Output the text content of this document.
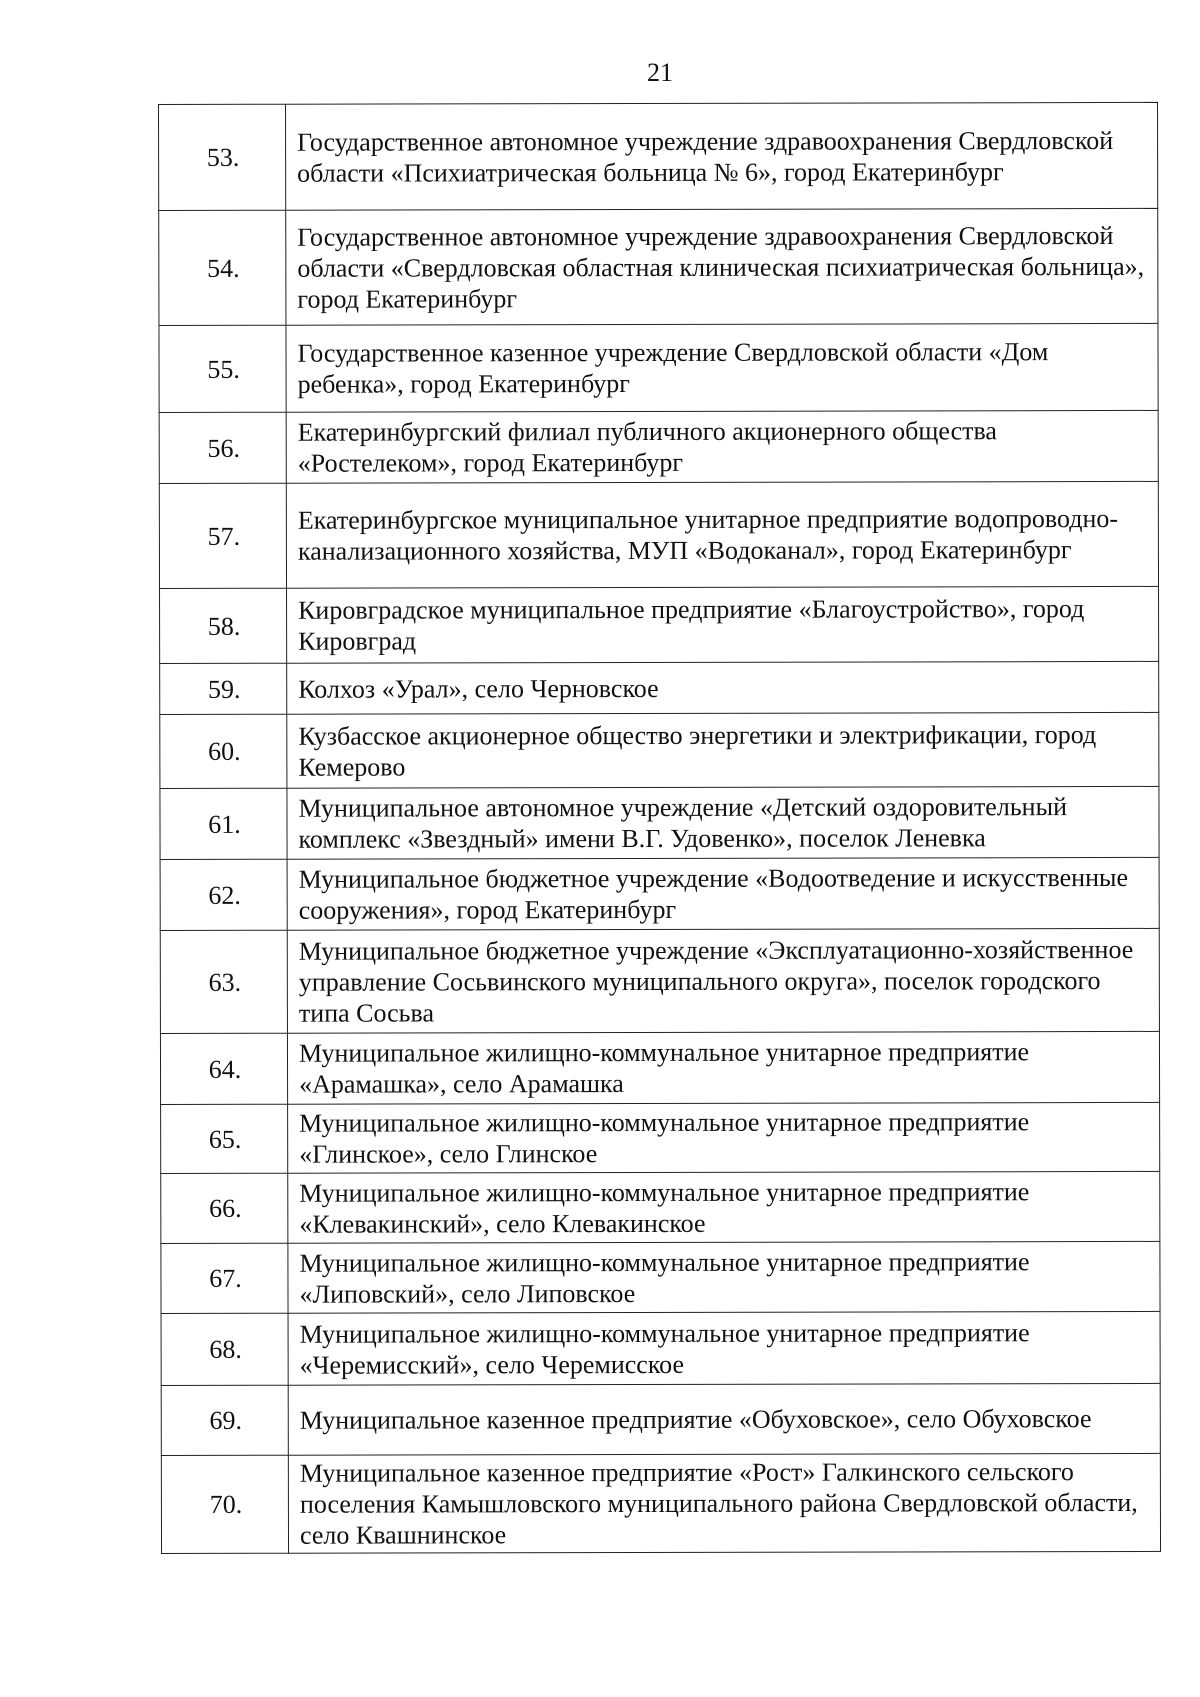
21
53.	Государственное автономное учреждение здравоохранения Свердловской области «Психиатрическая больница № 6», город Екатеринбург
54.	Государственное автономное учреждение здравоохранения Свердловской области «Свердловская областная клиническая психиатрическая больница», город Екатеринбург
55.	Государственное казенное учреждение Свердловской области «Дом ребенка», город Екатеринбург
56.	Екатеринбургский филиал публичного акционерного общества «Ростелеком», город Екатеринбург
57.	Екатеринбургское муниципальное унитарное предприятие водопроводно-канализационного хозяйства, МУП «Водоканал», город Екатеринбург
58.	Кировградское муниципальное предприятие «Благоустройство», город Кировград
59.	Колхоз «Урал», село Черновское
60.	Кузбасское акционерное общество энергетики и электрификации, город Кемерово
61.	Муниципальное автономное учреждение «Детский оздоровительный комплекс «Звездный» имени В.Г. Удовенко», поселок Леневка
62.	Муниципальное бюджетное учреждение «Водоотведение и искусственные сооружения», город Екатеринбург
63.	Муниципальное бюджетное учреждение «Эксплуатационно-хозяйственное управление Сосьвинского муниципального округа», поселок городского типа Сосьва
64.	Муниципальное жилищно-коммунальное унитарное предприятие «Арамашка», село Арамашка
65.	Муниципальное жилищно-коммунальное унитарное предприятие «Глинское», село Глинское
66.	Муниципальное жилищно-коммунальное унитарное предприятие «Клевакинский», село Клевакинское
67.	Муниципальное жилищно-коммунальное унитарное предприятие «Липовский», село Липовское
68.	Муниципальное жилищно-коммунальное унитарное предприятие «Черемисский», село Черемисское
69.	Муниципальное казенное предприятие «Обуховское», село Обуховское
70.	Муниципальное казенное предприятие «Рост» Галкинского сельского поселения Камышловского муниципального района Свердловской области, село Квашнинское
